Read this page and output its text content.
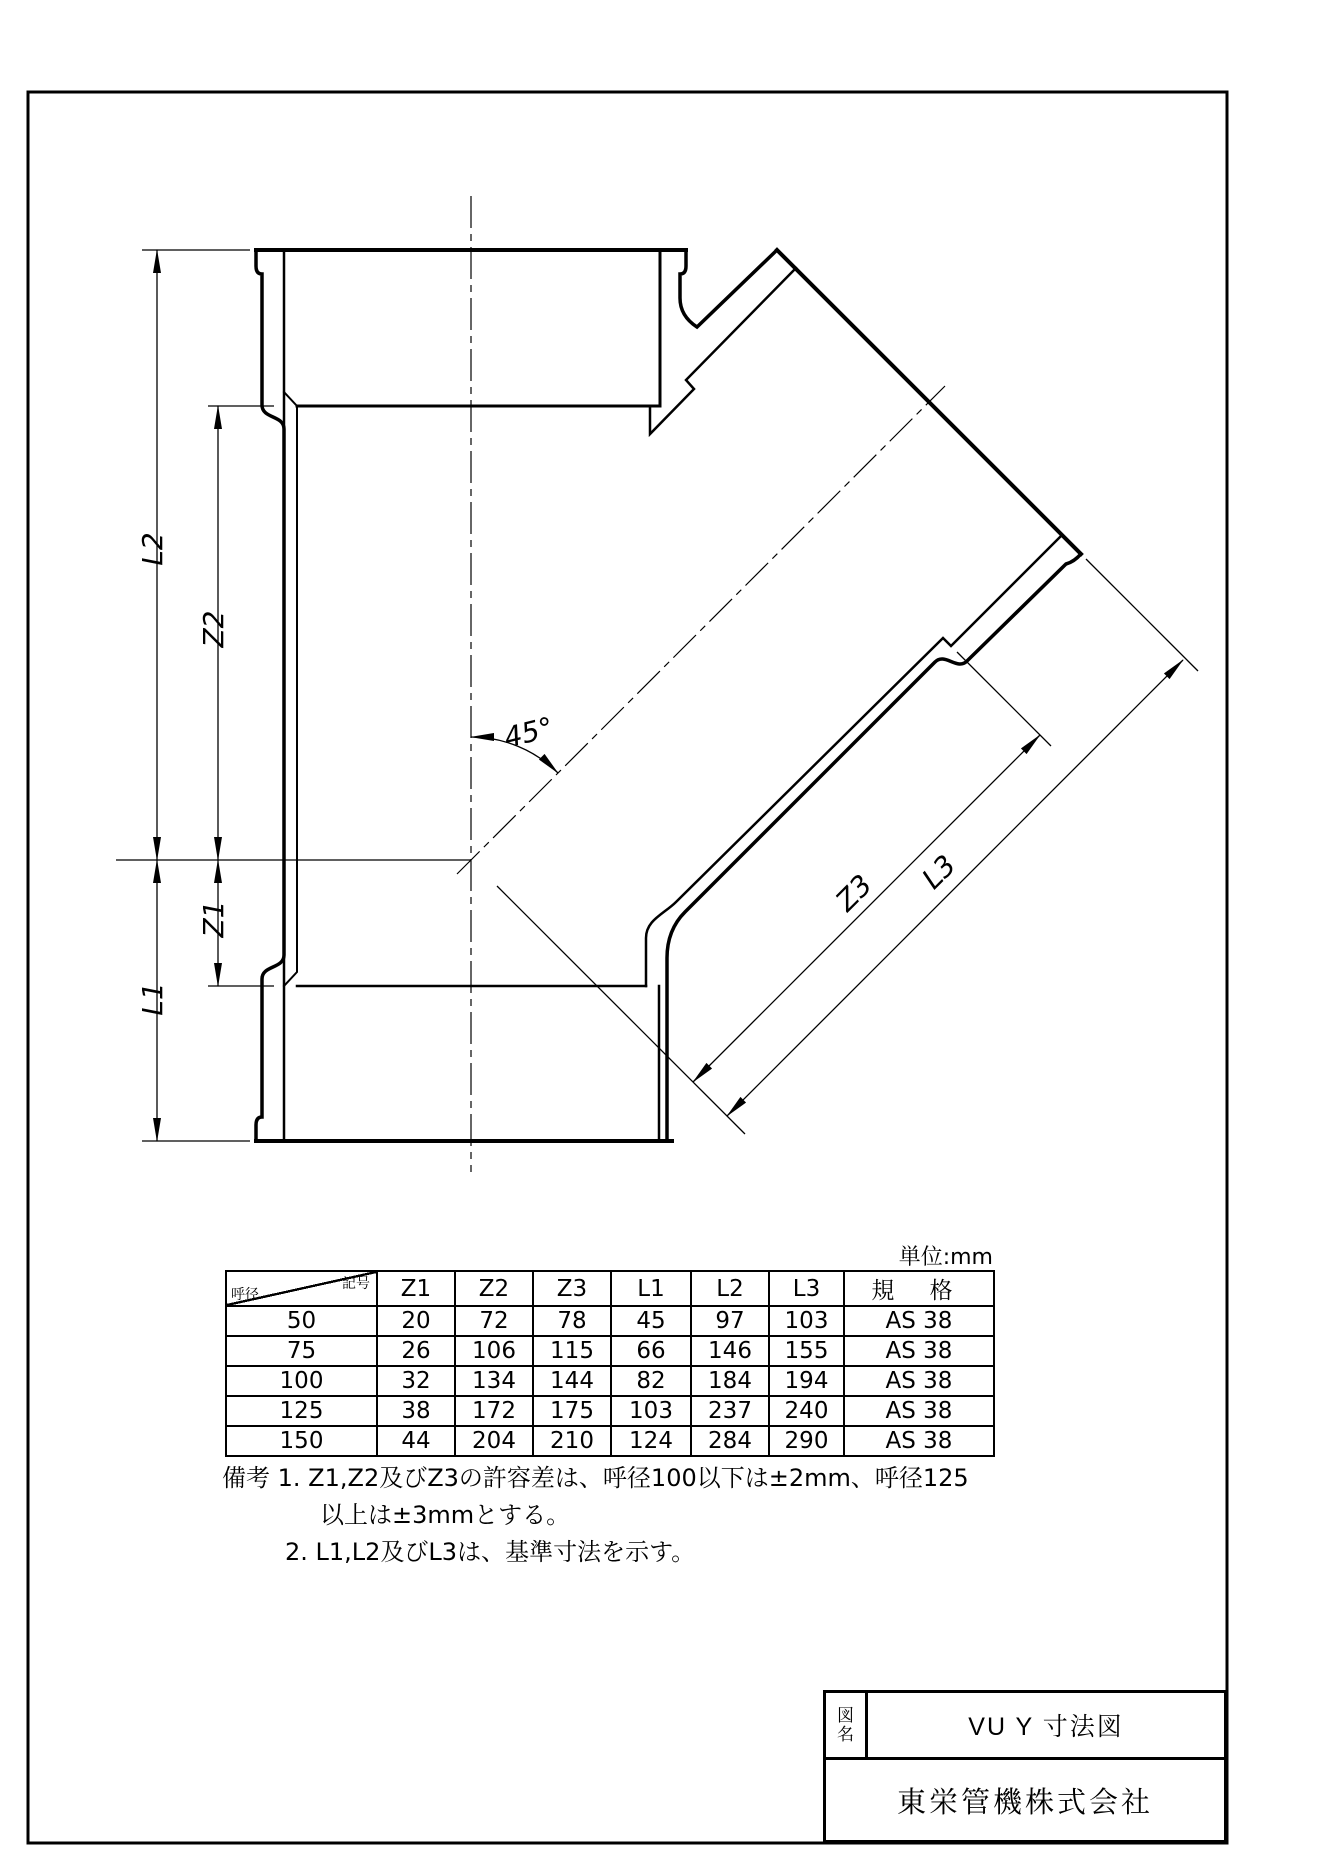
L2
Z2
Z1
L1
Z3 L3
45°
単位:mm
記号
呼径	Z1	Z2	Z3	L1	L2	L3	規 格
50	20	72	78	45	97	103	AS 38
75	26	106	115	66	146	155	AS 38
100	32	134	144	82	184	194	AS 38
125	38	172	175	103	237	240	AS 38
150	44	204	210	124	284	290	AS 38
備考 1. Z1,Z2及びZ3の許容差は、呼径100以下は±2mm、呼径125
以上は±3mmとする。
2. L1,L2及びL3は、基準寸法を示す。
図
名	VU Y 寸法図
東栄管機株式会社
